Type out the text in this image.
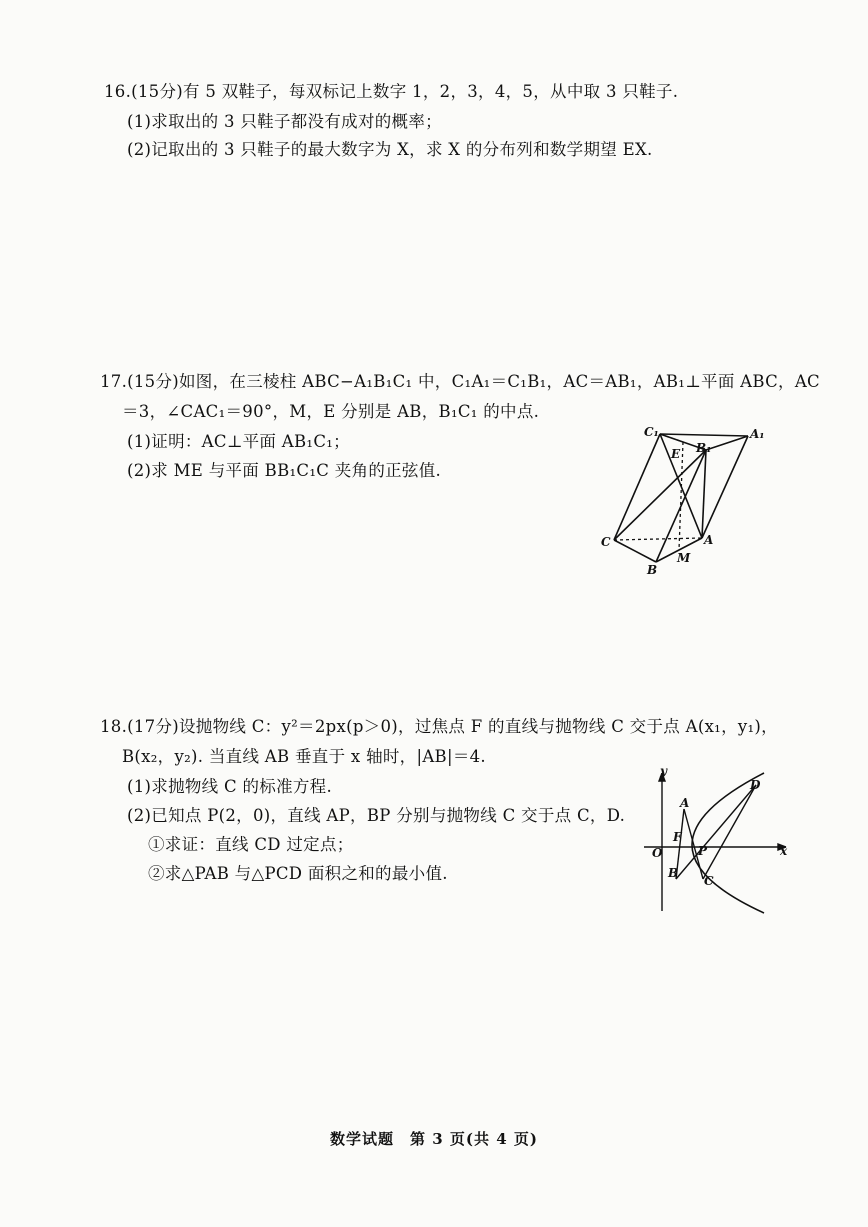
16.(15分)有 5 双鞋子，每双标记上数字 1，2，3，4，5，从中取 3 只鞋子.
(1)求取出的 3 只鞋子都没有成对的概率；
(2)记取出的 3 只鞋子的最大数字为 X，求 X 的分布列和数学期望 EX.
17.(15分)如图，在三棱柱 ABC−A₁B₁C₁ 中，C₁A₁＝C₁B₁，AC＝AB₁，AB₁⊥平面 ABC，AC
＝3，∠CAC₁＝90°，M，E 分别是 AB，B₁C₁ 的中点.
(1)证明：AC⊥平面 AB₁C₁；
(2)求 ME 与平面 BB₁C₁C 夹角的正弦值.
C₁
B₁
A₁
E
C	A
B
M
18.(17分)设抛物线 C：y²＝2px(p＞0)，过焦点 F 的直线与抛物线 C 交于点 A(x₁，y₁)，
B(x₂，y₂). 当直线 AB 垂直于 x 轴时，|AB|＝4.
(1)求抛物线 C 的标准方程.
(2)已知点 P(2，0)，直线 AP，BP 分别与抛物线 C 交于点 C，D.
①求证：直线 CD 过定点；
②求△PAB 与△PCD 面积之和的最小值.
y
x
O
F
P
A
B
C
D
数学试题　第 3 页(共 4 页)
